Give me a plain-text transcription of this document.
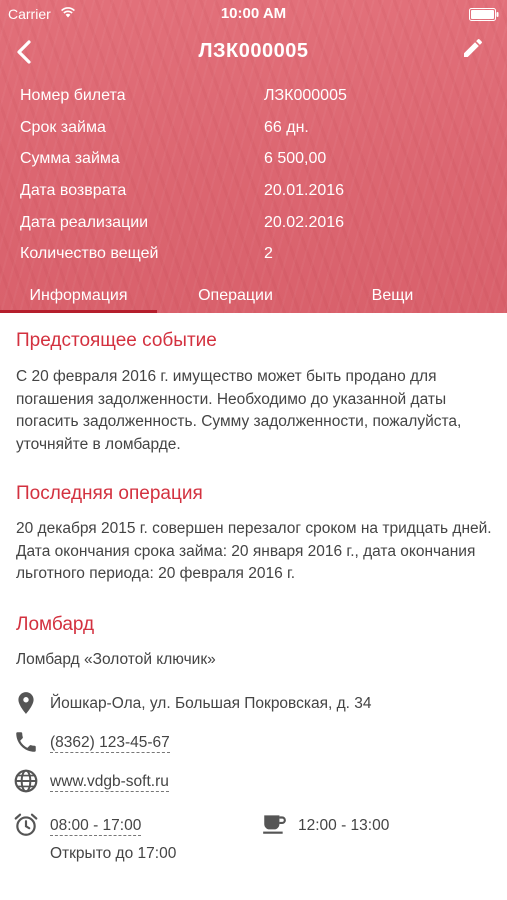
Carrier	10:00 AM
ЛЗК000005
Номер билета	ЛЗК000005
Срок займа	66 дн.
Сумма займа	6 500,00
Дата возврата	20.01.2016
Дата реализации	20.02.2016
Количество вещей	2
Информация	Операции	Вещи
Предстоящее событие
С 20 февраля 2016 г. имущество может быть продано для погашения задолженности. Необходимо до указанной даты погасить задолженность. Сумму задолженности, пожалуйста, уточняйте в ломбарде.
Последняя операция
20 декабря 2015 г. совершен перезалог сроком на тридцать дней. Дата окончания срока займа: 20 января 2016 г., дата окончания льготного периода: 20 февраля 2016 г.
Ломбард
Ломбард «Золотой ключик»
Йошкар-Ола, ул. Большая Покровская, д. 34
(8362) 123-45-67
www.vdgb-soft.ru
08:00 - 17:00
Открыто до 17:00
12:00 - 13:00
